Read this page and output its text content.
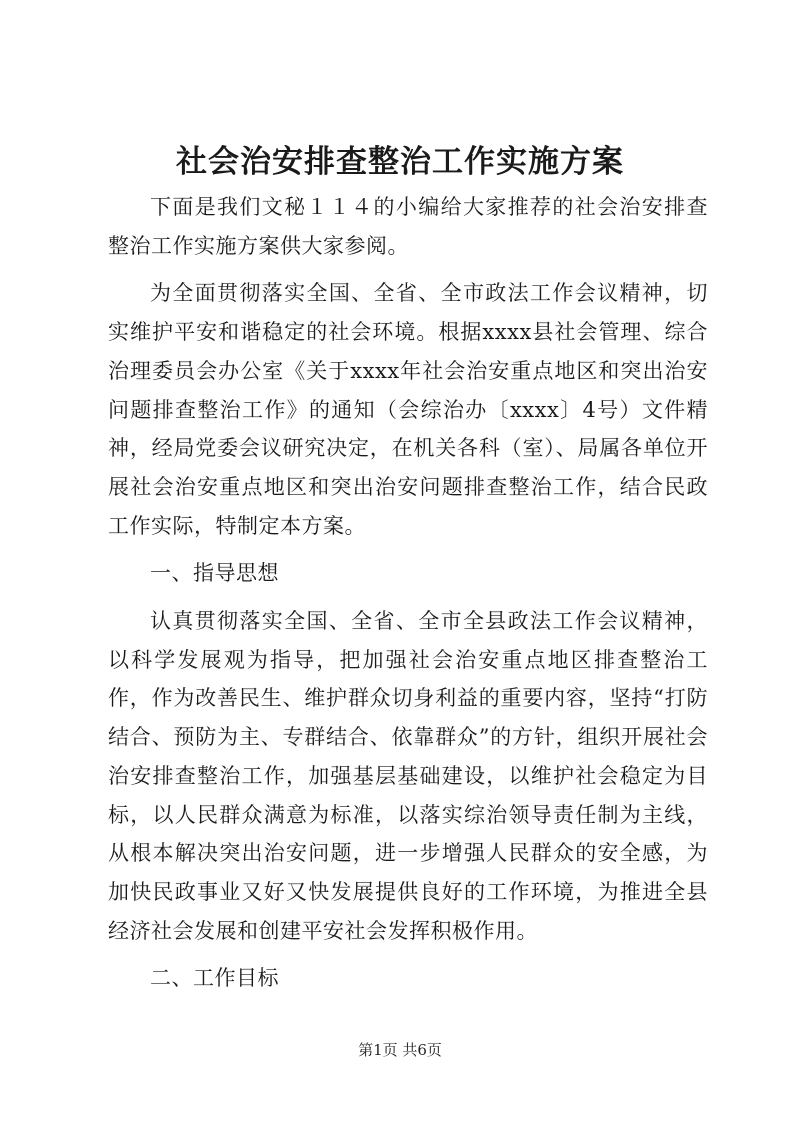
社会治安排查整治工作实施方案

下面是我们文秘１１４的小编给大家推荐的社会治安排查整治工作实施方案供大家参阅。

为全面贯彻落实全国、全省、全市政法工作会议精神，切实维护平安和谐稳定的社会环境。根据xxxx县社会管理、综合治理委员会办公室《关于xxxx年社会治安重点地区和突出治安问题排查整治工作》的通知（会综治办〔xxxx〕4号）文件精神，经局党委会议研究决定，在机关各科（室）、局属各单位开展社会治安重点地区和突出治安问题排查整治工作，结合民政工作实际，特制定本方案。

一、指导思想

认真贯彻落实全国、全省、全市全县政法工作会议精神，以科学发展观为指导，把加强社会治安重点地区排查整治工作，作为改善民生、维护群众切身利益的重要内容，坚持“打防结合、预防为主、专群结合、依靠群众”的方针，组织开展社会治安排查整治工作，加强基层基础建设，以维护社会稳定为目标，以人民群众满意为标准，以落实综治领导责任制为主线，从根本解决突出治安问题，进一步增强人民群众的安全感，为加快民政事业又好又快发展提供良好的工作环境，为推进全县经济社会发展和创建平安社会发挥积极作用。

二、工作目标

第1页 共6页
